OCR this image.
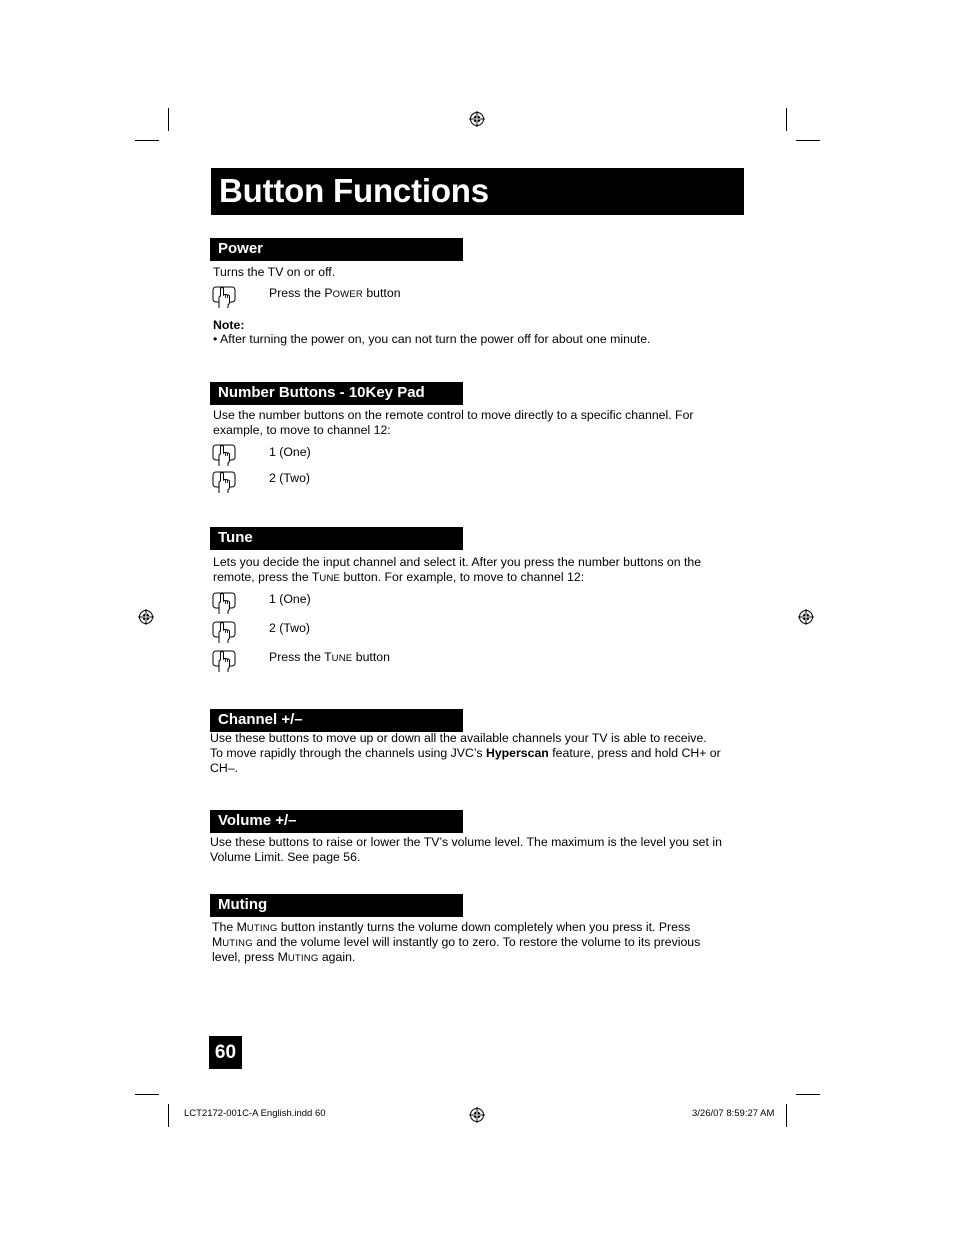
Button Functions
Power
Turns the TV on or off.
Press the POWER button
Note:
• After turning the power on, you can not turn the power off for about one minute.
Number Buttons - 10Key Pad
Use the number buttons on the remote control to move directly to a specific channel. For
example, to move to channel 12:
1 (One)
2 (Two)
Tune
Lets you decide the input channel and select it. After you press the number buttons on the
remote, press the TUNE button. For example, to move to channel 12:
1 (One)
2 (Two)
Press the TUNE button
Channel +/–
Use these buttons to move up or down all the available channels your TV is able to receive.
To move rapidly through the channels using JVC’s Hyperscan feature, press and hold CH+ or
CH–.
Volume +/–
Use these buttons to raise or lower the TV’s volume level. The maximum is the level you set in
Volume Limit. See page 56.
Muting
The MUTING button instantly turns the volume down completely when you press it. Press
MUTING and the volume level will instantly go to zero. To restore the volume to its previous
level, press MUTING again.
60
LCT2172-001C-A English.indd 60	3/26/07 8:59:27 AM
